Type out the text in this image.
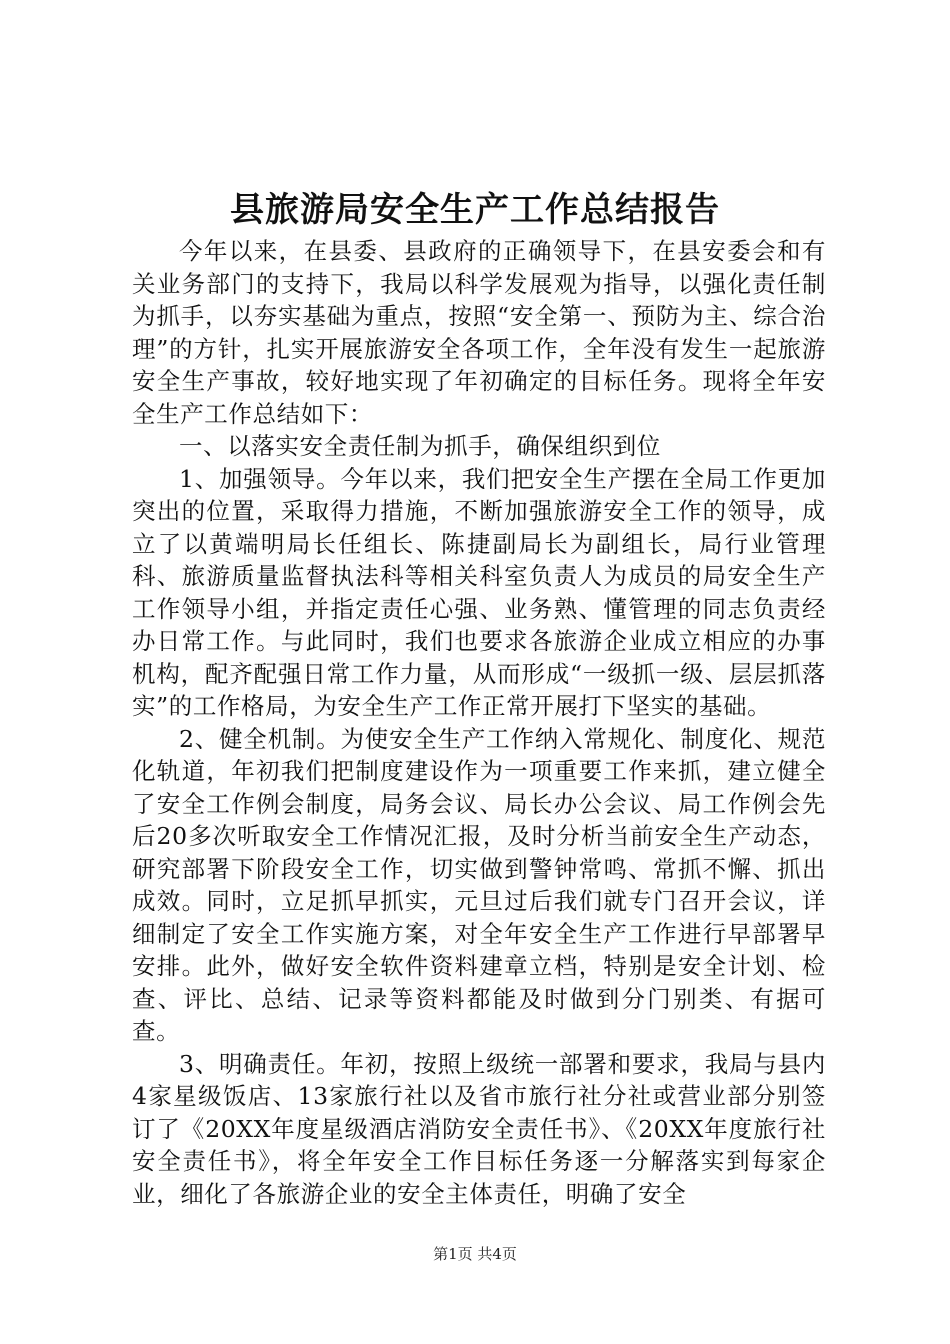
县旅游局安全生产工作总结报告

今年以来，在县委、县政府的正确领导下，在县安委会和有关业务部门的支持下，我局以科学发展观为指导，以强化责任制为抓手，以夯实基础为重点，按照“安全第一、预防为主、综合治理”的方针，扎实开展旅游安全各项工作，全年没有发生一起旅游安全生产事故，较好地实现了年初确定的目标任务。现将全年安全生产工作总结如下：

一、以落实安全责任制为抓手，确保组织到位

1、加强领导。今年以来，我们把安全生产摆在全局工作更加突出的位置，采取得力措施，不断加强旅游安全工作的领导，成立了以黄端明局长任组长、陈捷副局长为副组长，局行业管理科、旅游质量监督执法科等相关科室负责人为成员的局安全生产工作领导小组，并指定责任心强、业务熟、懂管理的同志负责经办日常工作。与此同时，我们也要求各旅游企业成立相应的办事机构，配齐配强日常工作力量，从而形成“一级抓一级、层层抓落实”的工作格局，为安全生产工作正常开展打下坚实的基础。

2、健全机制。为使安全生产工作纳入常规化、制度化、规范化轨道，年初我们把制度建设作为一项重要工作来抓，建立健全了安全工作例会制度，局务会议、局长办公会议、局工作例会先后20多次听取安全工作情况汇报，及时分析当前安全生产动态，研究部署下阶段安全工作，切实做到警钟常鸣、常抓不懈、抓出成效。同时，立足抓早抓实，元旦过后我们就专门召开会议，详细制定了安全工作实施方案，对全年安全生产工作进行早部署早安排。此外，做好安全软件资料建章立档，特别是安全计划、检查、评比、总结、记录等资料都能及时做到分门别类、有据可查。

3、明确责任。年初，按照上级统一部署和要求，我局与县内4家星级饭店、13家旅行社以及省市旅行社分社或营业部分别签订了《20XX年度星级酒店消防安全责任书》、《20XX年度旅行社安全责任书》，将全年安全工作目标任务逐一分解落实到每家企业，细化了各旅游企业的安全主体责任，明确了安全

第1页 共4页
